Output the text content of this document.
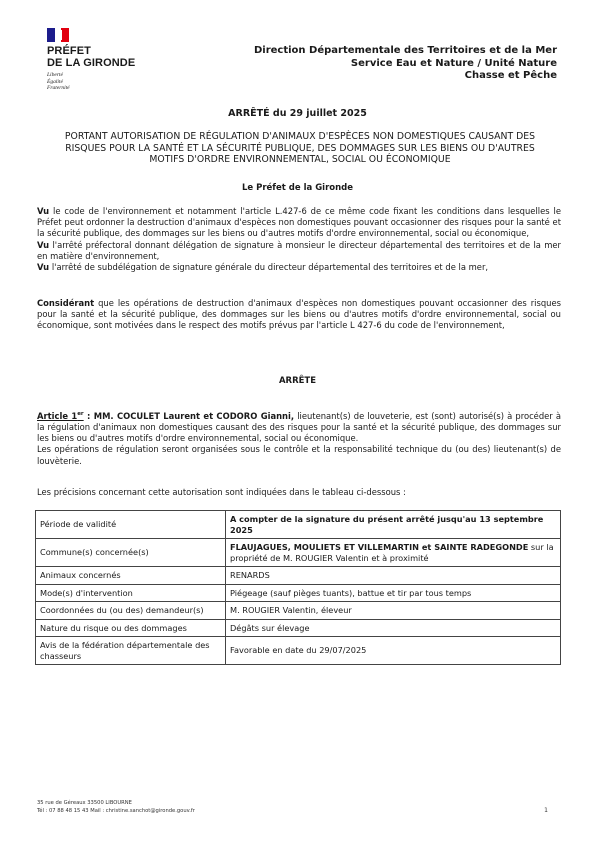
PRÉFET
DE LA GIRONDE
Liberté
Égalité
Fraternité
Direction Départementale des Territoires et de la Mer
Service Eau et Nature / Unité Nature
Chasse et Pêche
ARRÊTÉ du 29 juillet 2025
PORTANT AUTORISATION DE RÉGULATION D'ANIMAUX D'ESPÈCES NON DOMESTIQUES CAUSANT DES RISQUES POUR LA SANTÉ ET LA SÉCURITÉ PUBLIQUE, DES DOMMAGES SUR LES BIENS OU D'AUTRES MOTIFS D'ORDRE ENVIRONNEMENTAL, SOCIAL OU ÉCONOMIQUE
Le Préfet de la Gironde
Vu le code de l'environnement et notamment l'article L.427-6 de ce même code fixant les conditions dans lesquelles le Préfet peut ordonner la destruction d'animaux d'espèces non domestiques pouvant occasionner des risques pour la santé et la sécurité publique, des dommages sur les biens ou d'autres motifs d'ordre environnemental, social ou économique,
Vu l'arrêté préfectoral donnant délégation de signature à monsieur le directeur départemental des territoires et de la mer en matière d'environnement,
Vu l'arrêté de subdélégation de signature générale du directeur départemental des territoires et de la mer,
Considérant que les opérations de destruction d'animaux d'espèces non domestiques pouvant occasionner des risques pour la santé et la sécurité publique, des dommages sur les biens ou d'autres motifs d'ordre environnemental, social ou économique, sont motivées dans le respect des motifs prévus par l'article L 427-6 du code de l'environnement,
ARRÊTE
Article 1er : MM. COCULET Laurent et CODORO Gianni, lieutenant(s) de louveterie, est (sont) autorisé(s) à procéder à la régulation d'animaux non domestiques causant des des risques pour la santé et la sécurité publique, des dommages sur les biens ou d'autres motifs d'ordre environnemental, social ou économique.
Les opérations de régulation seront organisées sous le contrôle et la responsabilité technique du (ou des) lieutenant(s) de louvèterie.
Les précisions concernant cette autorisation sont indiquées dans le tableau ci-dessous :
Période de validité	A compter de la signature du présent arrêté jusqu'au 13 septembre 2025
Commune(s) concernée(s)	FLAUJAGUES, MOULIETS ET VILLEMARTIN et SAINTE RADEGONDE sur la propriété de M. ROUGIER Valentin et à proximité
Animaux concernés	RENARDS
Mode(s) d'intervention	Piégeage (sauf pièges tuants), battue et tir par tous temps
Coordonnées du (ou des) demandeur(s)	M. ROUGIER Valentin, éleveur
Nature du risque ou des dommages	Dégâts sur élevage
Avis de la fédération départementale des chasseurs	Favorable en date du 29/07/2025
35 rue de Géreaux 33500 LIBOURNE
Tél : 07 88 48 15 43 Mail : christine.sanchot@gironde.gouv.fr	1
